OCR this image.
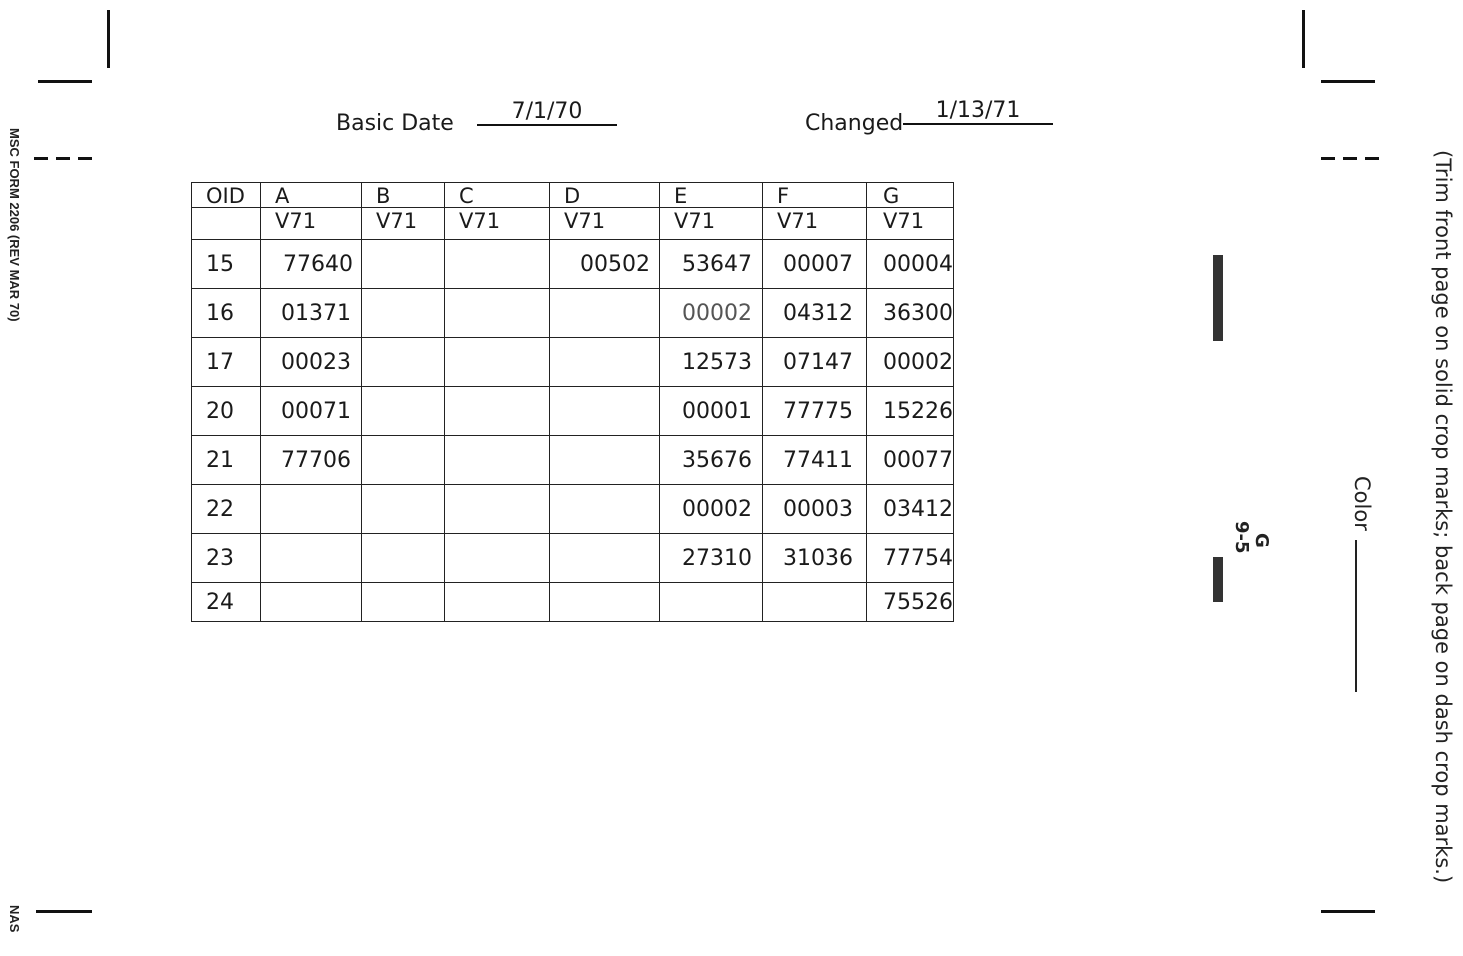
Basic Date	7/1/70	Changed
1/13/71
OID	A	B	C	D	E	F	G
	V71	V71	V71	V71	V71	V71	V71
15	77640			00502	53647	00007	00004
16	01371				00002	04312	36300
17	00023				12573	07147	00002
20	00071				00001	77775	15226
21	77706				35676	77411	00077
22					00002	00003	03412
23					27310	31036	77754
24							75526
MSC FORM 2206 (REV MAR 70)
NAS
(Trim front page on solid crop marks; back page on dash crop marks.)
Color
G
9-5
